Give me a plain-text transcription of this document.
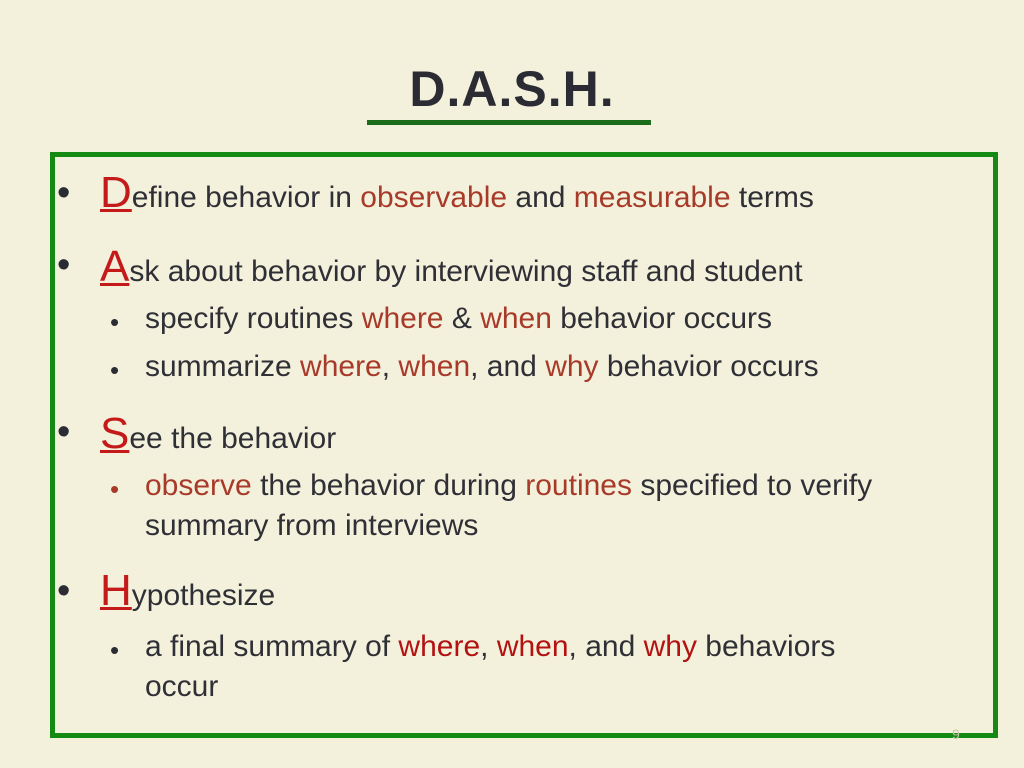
D.A.S.H.
• Define behavior in observable and measurable terms
• Ask about behavior by interviewing staff and student
• specify routines where & when behavior occurs
• summarize where, when, and why behavior occurs
• See the behavior
• observe the behavior during routines specified to verify
summary from interviews
• Hypothesize
• a final summary of where, when, and why behaviors
occur
9
